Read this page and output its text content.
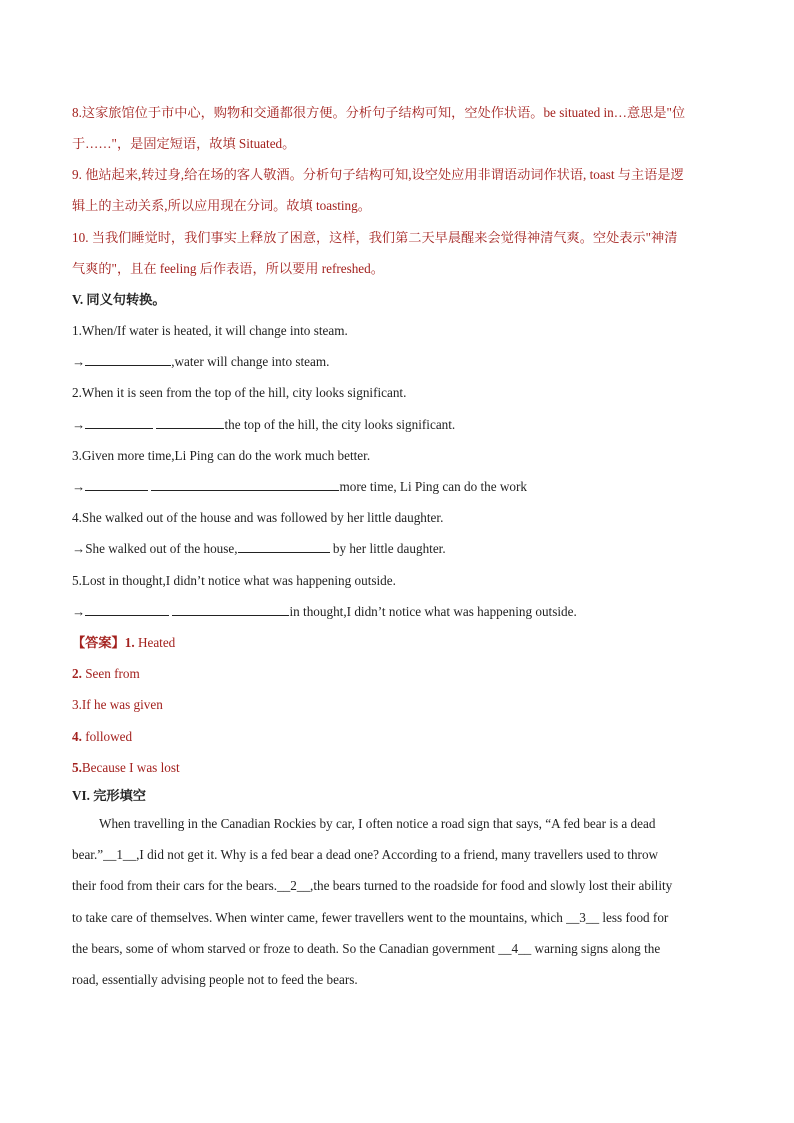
8.这家旅馆位于市中心，购物和交通都很方便。分析句子结构可知，空处作状语。be situated in…意思是"位
于……"，是固定短语，故填 Situated。
9. 他站起来,转过身,给在场的客人敬酒。分析句子结构可知,设空处应用非谓语动词作状语, toast 与主语是逻
辑上的主动关系,所以应用现在分词。故填 toasting。
10. 当我们睡觉时，我们事实上释放了困意，这样，我们第二天早晨醒来会觉得神清气爽。空处表示"神清
气爽的"，且在 feeling 后作表语，所以要用 refreshed。
V. 同义句转换。
1.When/If water is heated, it will change into steam.
→	,water will change into steam.
2.When it is seen from the top of the hill, city looks significant.
→	the top of the hill, the city looks significant.
3.Given more time,Li Ping can do the work much better.
→	more time, Li Ping can do the work
4.She walked out of the house and was followed by her little daughter.
→She walked out of the house,	by her little daughter.
5.Lost in thought,I didn’t notice what was happening outside.
→	in thought,I didn’t notice what was happening outside.
【答案】1. Heated
2. Seen from
3.If he was given
4. followed
5.Because I was lost
VI. 完形填空
When travelling in the Canadian Rockies by car, I often notice a road sign that says, “A fed bear is a dead
bear.”__1__,I did not get it. Why is a fed bear a dead one? According to a friend, many travellers used to throw
their food from their cars for the bears.__2__,the bears turned to the roadside for food and slowly lost their ability
to take care of themselves. When winter came, fewer travellers went to the mountains, which __3__ less food for
the bears, some of whom starved or froze to death. So the Canadian government __4__ warning signs along the
road, essentially advising people not to feed the bears.
